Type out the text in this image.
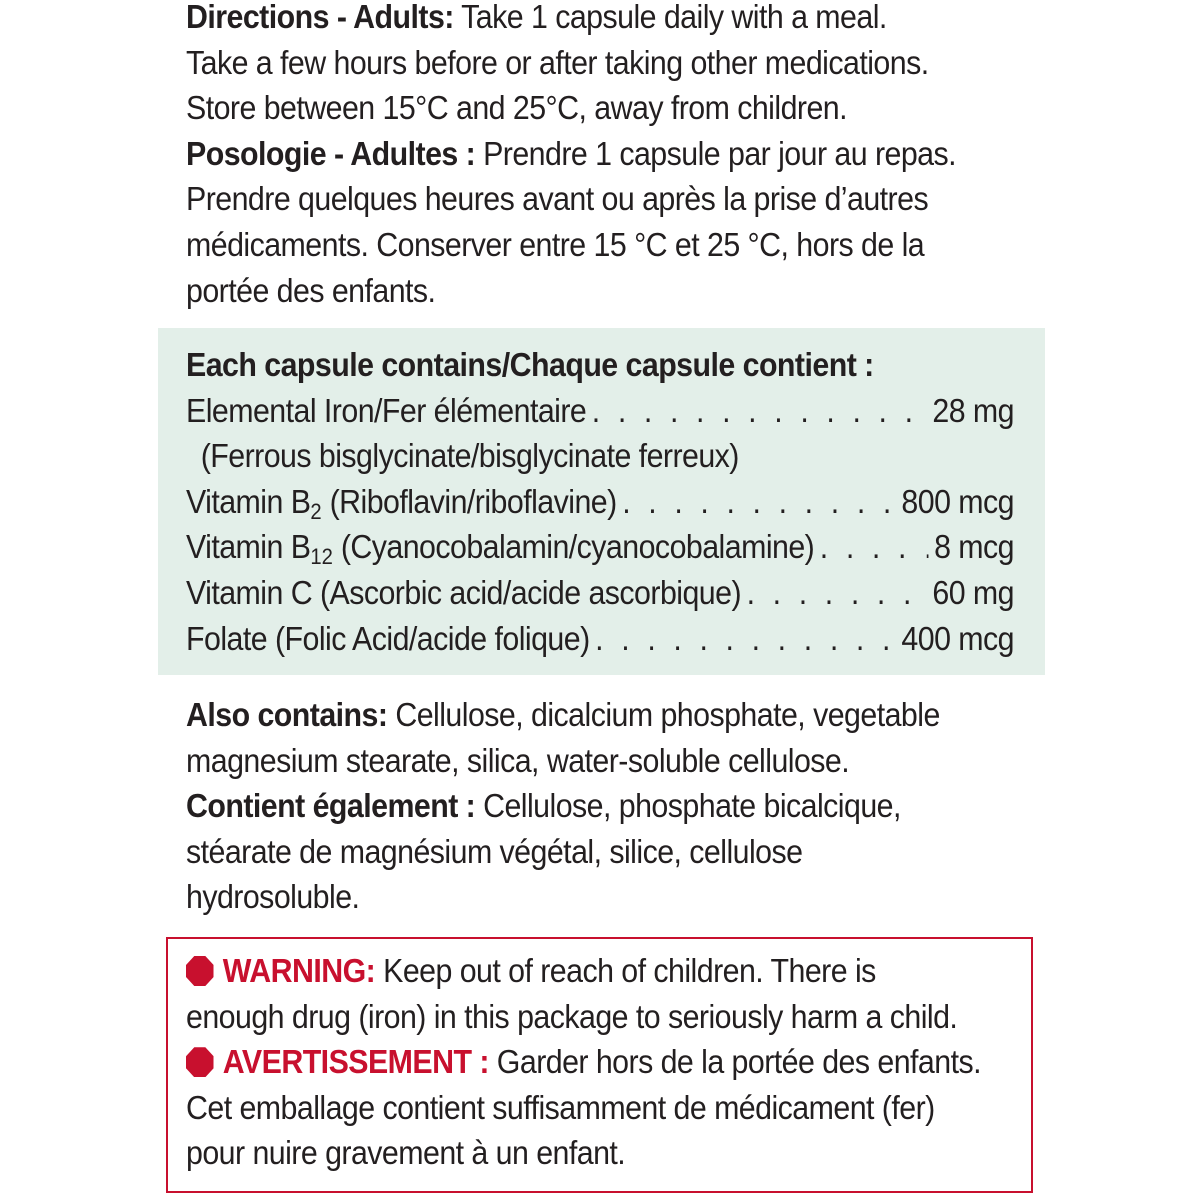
Directions - Adults: Take 1 capsule daily with a meal.
Take a few hours before or after taking other medications.
Store between 15°C and 25°C, away from children.
Posologie - Adultes : Prendre 1 capsule par jour au repas.
Prendre quelques heures avant ou après la prise d’autres
médicaments. Conserver entre 15 °C et 25 °C, hors de la
portée des enfants.
Each capsule contains/Chaque capsule contient :
Elemental Iron/Fer élémentaire . . .	28 mg
(Ferrous bisglycinate/bisglycinate ferreux)
Vitamin $B_2$ (Riboflavin/riboflavine) . . .	800 mcg
Vitamin $B_{12}$ (Cyanocobalamin/cyanocobalamine) . . .	8 mcg
Vitamin C (Ascorbic acid/acide ascorbique) . . .	60 mg
Folate (Folic Acid/acide folique) . . .	400 mcg
Also contains: Cellulose, dicalcium phosphate, vegetable
magnesium stearate, silica, water-soluble cellulose.
Contient également : Cellulose, phosphate bicalcique,
stéarate de magnésium végétal, silice, cellulose
hydrosoluble.
WARNING: Keep out of reach of children. There is
enough drug (iron) in this package to seriously harm a child.
AVERTISSEMENT : Garder hors de la portée des enfants.
Cet emballage contient suffisamment de médicament (fer)
pour nuire gravement à un enfant.
